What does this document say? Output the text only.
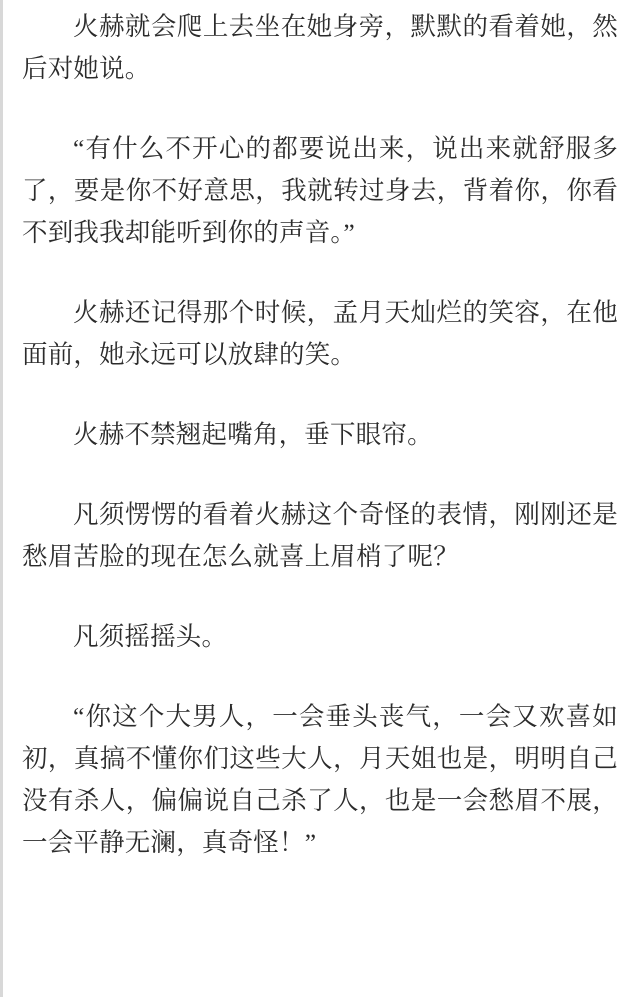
火赫就会爬上去坐在她身旁，默默的看着她，然后对她说。

“有什么不开心的都要说出来，说出来就舒服多了，要是你不好意思，我就转过身去，背着你，你看不到我我却能听到你的声音。”

火赫还记得那个时候，孟月天灿烂的笑容，在他面前，她永远可以放肆的笑。

火赫不禁翘起嘴角，垂下眼帘。

凡须愣愣的看着火赫这个奇怪的表情，刚刚还是愁眉苦脸的现在怎么就喜上眉梢了呢？

凡须摇摇头。

“你这个大男人，一会垂头丧气，一会又欢喜如初，真搞不懂你们这些大人，月天姐也是，明明自己没有杀人，偏偏说自己杀了人，也是一会愁眉不展，一会平静无澜，真奇怪！”
